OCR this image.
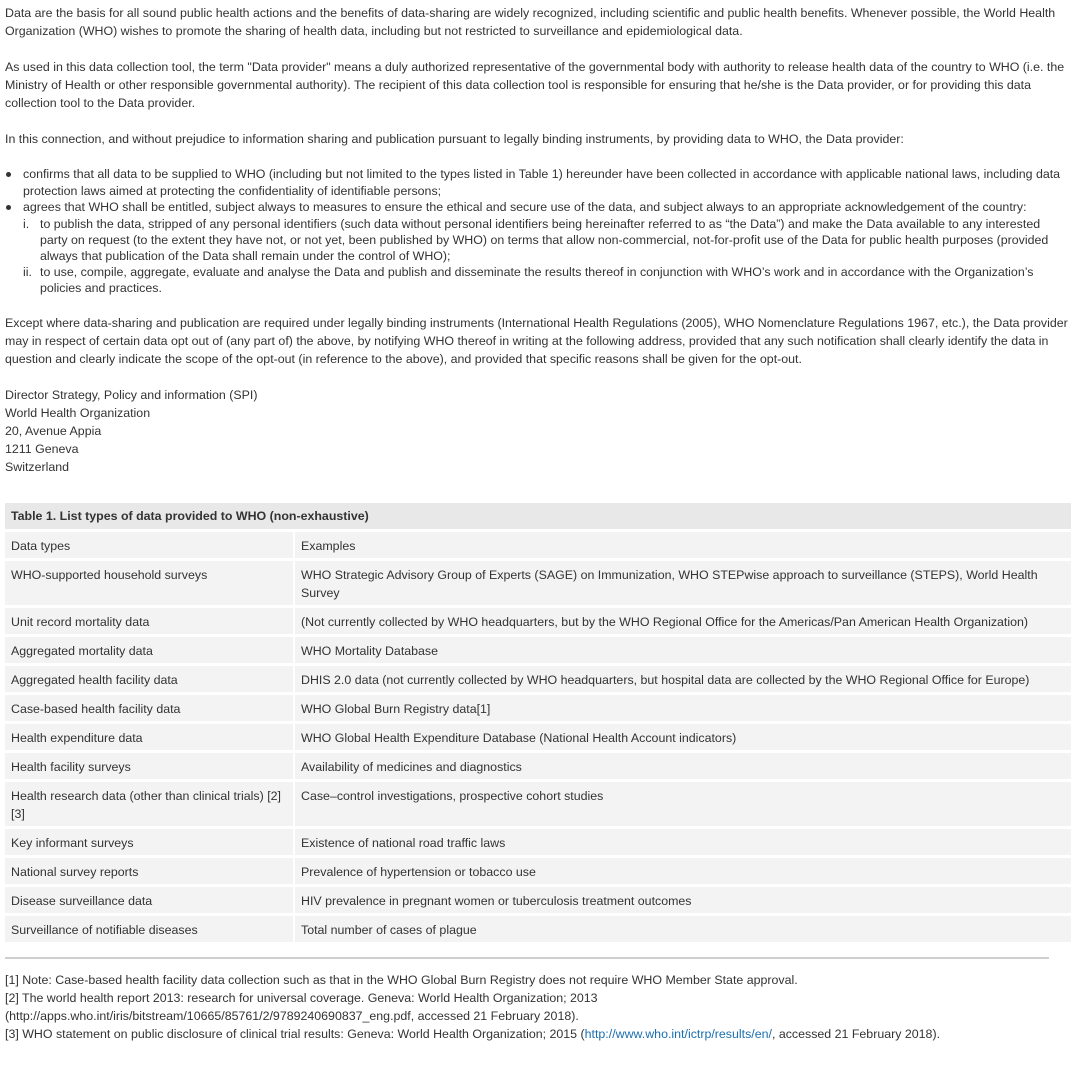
Data are the basis for all sound public health actions and the benefits of data-sharing are widely recognized, including scientific and public health benefits. Whenever possible, the World Health Organization (WHO) wishes to promote the sharing of health data, including but not restricted to surveillance and epidemiological data.

As used in this data collection tool, the term "Data provider" means a duly authorized representative of the governmental body with authority to release health data of the country to WHO (i.e. the Ministry of Health or other responsible governmental authority). The recipient of this data collection tool is responsible for ensuring that he/she is the Data provider, or for providing this data collection tool to the Data provider.

In this connection, and without prejudice to information sharing and publication pursuant to legally binding instruments, by providing data to WHO, the Data provider:

confirms that all data to be supplied to WHO (including but not limited to the types listed in Table 1) hereunder have been collected in accordance with applicable national laws, including data protection laws aimed at protecting the confidentiality of identifiable persons;
agrees that WHO shall be entitled, subject always to measures to ensure the ethical and secure use of the data, and subject always to an appropriate acknowledgement of the country:
i. to publish the data, stripped of any personal identifiers (such data without personal identifiers being hereinafter referred to as “the Data”) and make the Data available to any interested party on request (to the extent they have not, or not yet, been published by WHO) on terms that allow non-commercial, not-for-profit use of the Data for public health purposes (provided always that publication of the Data shall remain under the control of WHO);
ii. to use, compile, aggregate, evaluate and analyse the Data and publish and disseminate the results thereof in conjunction with WHO’s work and in accordance with the Organization’s policies and practices.

Except where data-sharing and publication are required under legally binding instruments (International Health Regulations (2005), WHO Nomenclature Regulations 1967, etc.), the Data provider may in respect of certain data opt out of (any part of) the above, by notifying WHO thereof in writing at the following address, provided that any such notification shall clearly identify the data in question and clearly indicate the scope of the opt-out (in reference to the above), and provided that specific reasons shall be given for the opt-out.

Director Strategy, Policy and information (SPI)
World Health Organization
20, Avenue Appia
1211 Geneva
Switzerland
Table 1. List types of data provided to WHO (non-exhaustive)	
Data types	Examples
WHO-supported household surveys	WHO Strategic Advisory Group of Experts (SAGE) on Immunization, WHO STEPwise approach to surveillance (STEPS), World Health Survey
Unit record mortality data	(Not currently collected by WHO headquarters, but by the WHO Regional Office for the Americas/Pan American Health Organization)
Aggregated mortality data	WHO Mortality Database
Aggregated health facility data	DHIS 2.0 data (not currently collected by WHO headquarters, but hospital data are collected by the WHO Regional Office for Europe)
Case-based health facility data	WHO Global Burn Registry data[1]
Health expenditure data	WHO Global Health Expenditure Database (National Health Account indicators)
Health facility surveys	Availability of medicines and diagnostics
Health research data (other than clinical trials) [2] [3]	Case–control investigations, prospective cohort studies
Key informant surveys	Existence of national road traffic laws
National survey reports	Prevalence of hypertension or tobacco use
Disease surveillance data	HIV prevalence in pregnant women or tuberculosis treatment outcomes
Surveillance of notifiable diseases	Total number of cases of plague
[1] Note: Case-based health facility data collection such as that in the WHO Global Burn Registry does not require WHO Member State approval.
[2] The world health report 2013: research for universal coverage. Geneva: World Health Organization; 2013
(http://apps.who.int/iris/bitstream/10665/85761/2/9789240690837_eng.pdf, accessed 21 February 2018).
[3] WHO statement on public disclosure of clinical trial results: Geneva: World Health Organization; 2015 (http://www.who.int/ictrp/results/en/, accessed 21 February 2018).
